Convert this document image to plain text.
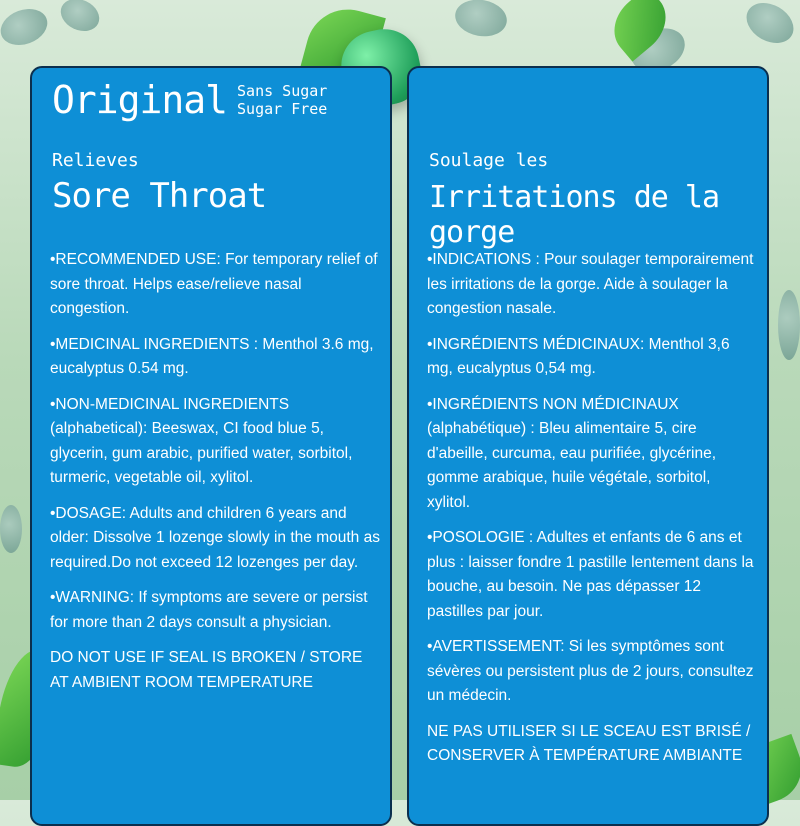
Original Sans Sugar
Sugar Free
Relieves
Sore Throat

•RECOMMENDED USE: For temporary relief of sore throat. Helps ease/relieve nasal congestion.

•MEDICINAL INGREDIENTS : Menthol 3.6 mg, eucalyptus 0.54 mg.

•NON-MEDICINAL INGREDIENTS (alphabetical): Beeswax, CI food blue 5, glycerin, gum arabic, purified water, sorbitol, turmeric, vegetable oil, xylitol.

•DOSAGE: Adults and children 6 years and older: Dissolve 1 lozenge slowly in the mouth as required.Do not exceed 12 lozenges per day.

•WARNING: If symptoms are severe or persist for more than 2 days consult a physician.

DO NOT USE IF SEAL IS BROKEN / STORE AT AMBIENT ROOM TEMPERATURE

Soulage les
Irritations de la gorge

•INDICATIONS : Pour soulager temporairement les irritations de la gorge. Aide à soulager la congestion nasale.

•INGRÉDIENTS MÉDICINAUX: Menthol 3,6 mg, eucalyptus 0,54 mg.

•INGRÉDIENTS NON MÉDICINAUX (alphabétique) : Bleu alimentaire 5, cire d'abeille, curcuma, eau purifiée, glycérine, gomme arabique, huile végétale, sorbitol, xylitol.

•POSOLOGIE : Adultes et enfants de 6 ans et plus : laisser fondre 1 pastille lentement dans la bouche, au besoin. Ne pas dépasser 12 pastilles par jour.

•AVERTISSEMENT: Si les symptômes sont sévères ou persistent plus de 2 jours, consultez un médecin.

NE PAS UTILISER SI LE SCEAU EST BRISÉ / CONSERVER À TEMPÉRATURE AMBIANTE
